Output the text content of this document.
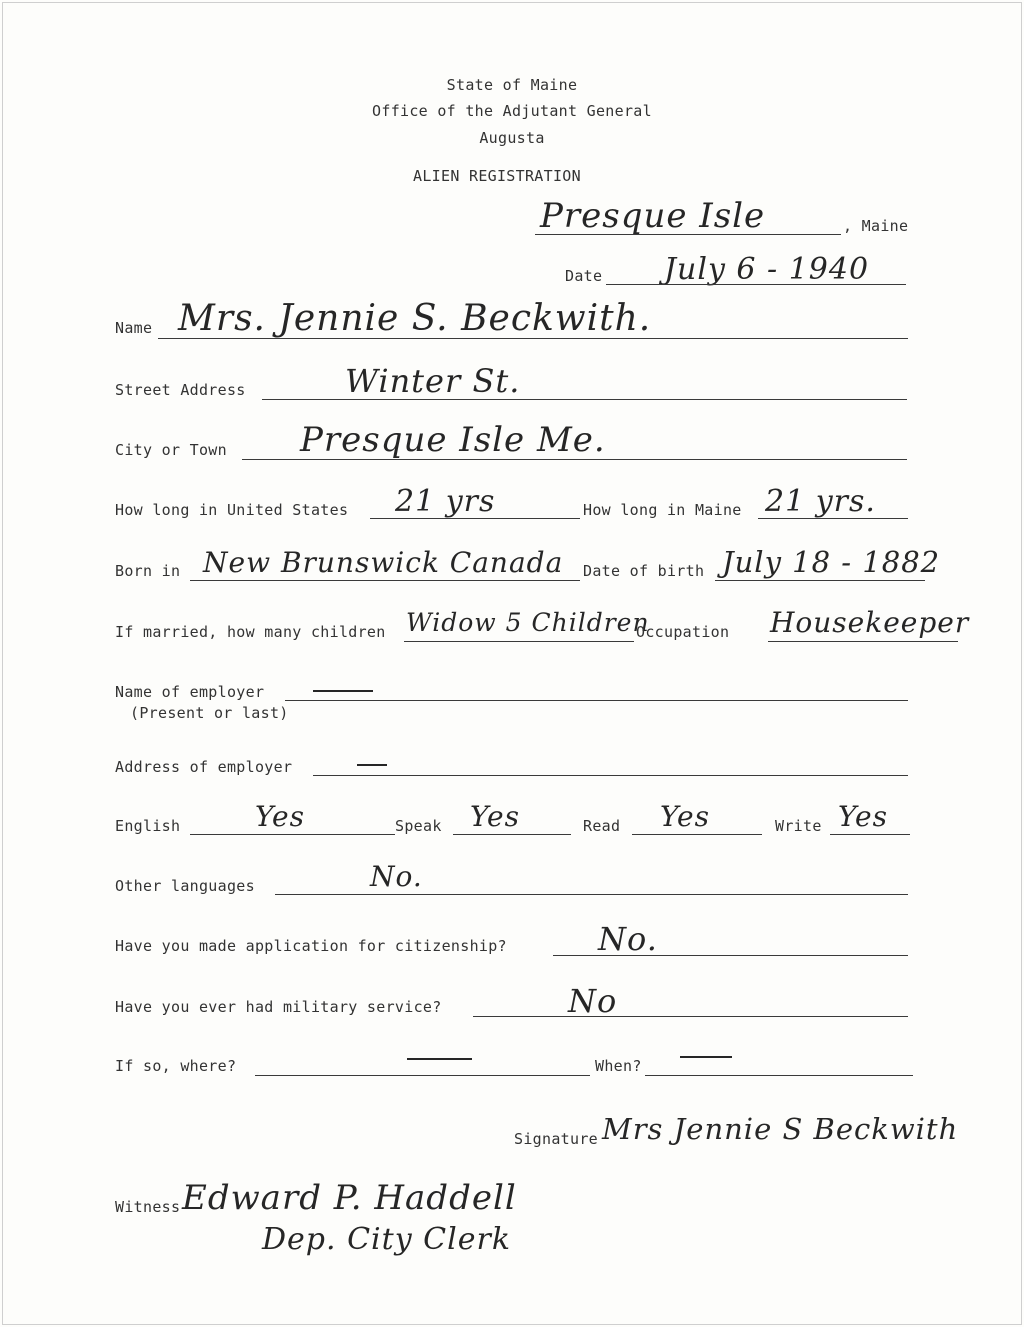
State of Maine
Office of the Adjutant General
Augusta
ALIEN REGISTRATION
Presque Isle	, Maine
Date July 6 - 1940
Name Mrs. Jennie S. Beckwith.
Street Address	Winter St.
City or Town Presque Isle Me.
How long in United States 21 yrs	How long in Maine 21 yrs.
Born in New Brunswick Canada Date of birth July 18 - 1882
If married, how many children Widow 5 Children
Occupation Housekeeper
Name of employer
(Present or last)
Address of employer
English	Yes	Speak Yes	Read Yes	Write Yes
Other languages	No.
Have you made application for citizenship?	No.
Have you ever had military service?	No
If so, where?	When?
Signature Mrs Jennie S Beckwith
Witness Edward P. Haddell
Dep. City Clerk
